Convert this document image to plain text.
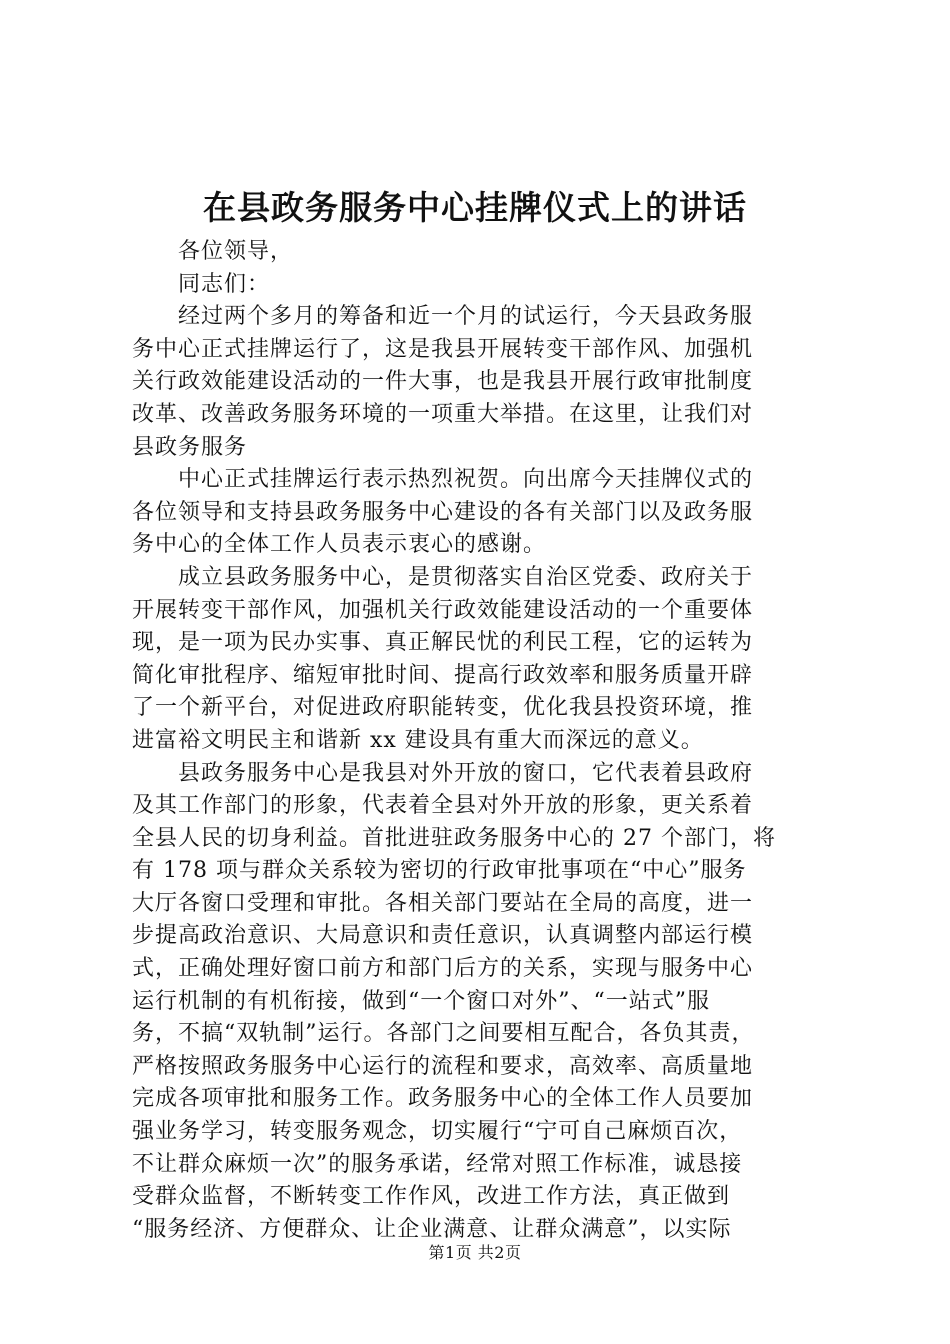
在县政务服务中心挂牌仪式上的讲话
各位领导，
同志们：
经过两个多月的筹备和近一个月的试运行，今天县政务服
务中心正式挂牌运行了，这是我县开展转变干部作风、加强机
关行政效能建设活动的一件大事，也是我县开展行政审批制度
改革、改善政务服务环境的一项重大举措。在这里，让我们对
县政务服务
中心正式挂牌运行表示热烈祝贺。向出席今天挂牌仪式的
各位领导和支持县政务服务中心建设的各有关部门以及政务服
务中心的全体工作人员表示衷心的感谢。
成立县政务服务中心，是贯彻落实自治区党委、政府关于
开展转变干部作风，加强机关行政效能建设活动的一个重要体
现，是一项为民办实事、真正解民忧的利民工程，它的运转为
简化审批程序、缩短审批时间、提高行政效率和服务质量开辟
了一个新平台，对促进政府职能转变，优化我县投资环境，推
进富裕文明民主和谐新 xx 建设具有重大而深远的意义。
县政务服务中心是我县对外开放的窗口，它代表着县政府
及其工作部门的形象，代表着全县对外开放的形象，更关系着
全县人民的切身利益。首批进驻政务服务中心的 27 个部门，将
有 178 项与群众关系较为密切的行政审批事项在“中心”服务
大厅各窗口受理和审批。各相关部门要站在全局的高度，进一
步提高政治意识、大局意识和责任意识，认真调整内部运行模
式，正确处理好窗口前方和部门后方的关系，实现与服务中心
运行机制的有机衔接，做到“一个窗口对外”、“一站式”服
务，不搞“双轨制”运行。各部门之间要相互配合，各负其责，
严格按照政务服务中心运行的流程和要求，高效率、高质量地
完成各项审批和服务工作。政务服务中心的全体工作人员要加
强业务学习，转变服务观念，切实履行“宁可自己麻烦百次，
不让群众麻烦一次”的服务承诺，经常对照工作标准，诚恳接
受群众监督，不断转变工作作风，改进工作方法，真正做到
“服务经济、方便群众、让企业满意、让群众满意”，以实际
第1页 共2页
